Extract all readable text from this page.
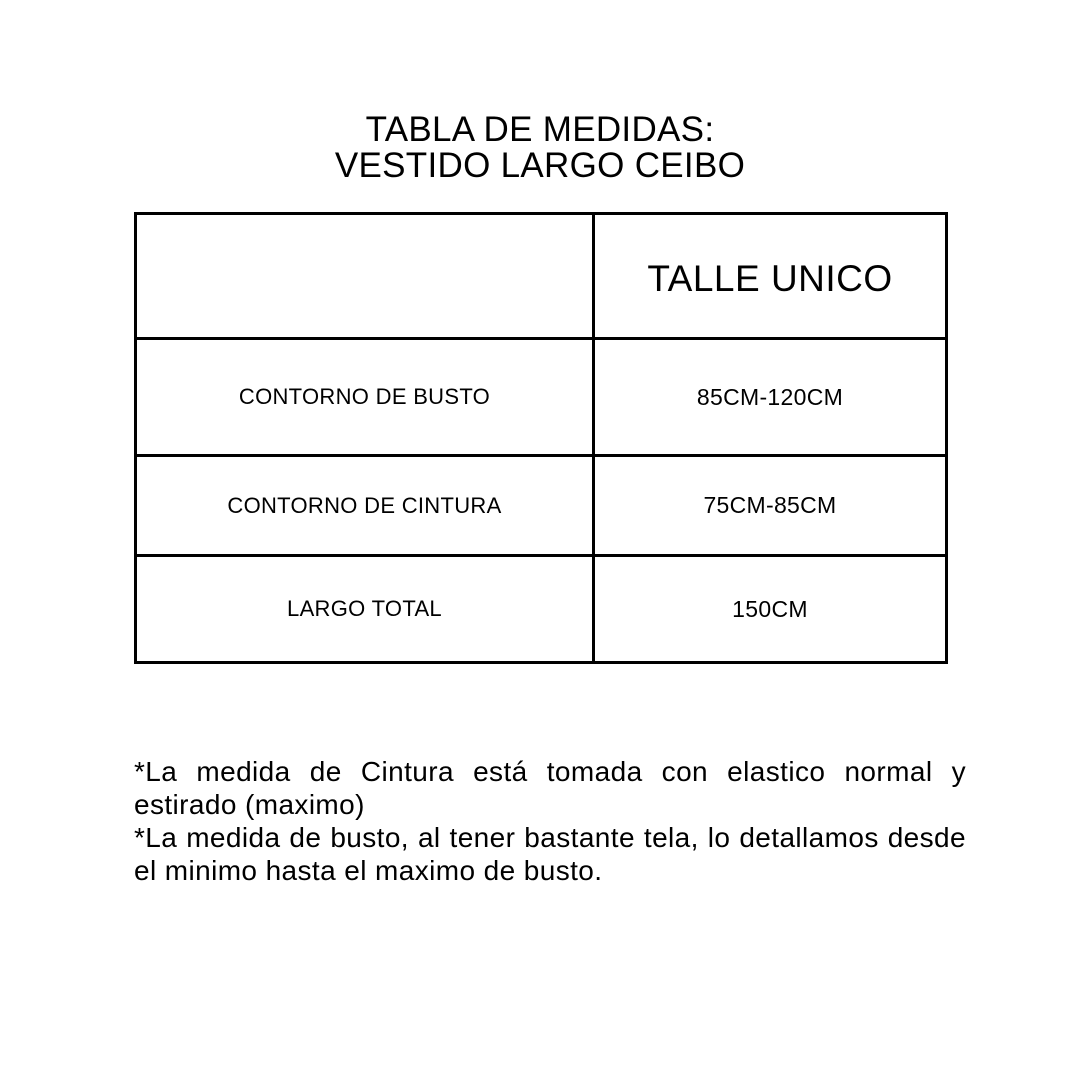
TABLA DE MEDIDAS:
VESTIDO LARGO CEIBO
	TALLE UNICO
CONTORNO DE BUSTO	85CM-120CM
CONTORNO DE CINTURA	75CM-85CM
LARGO TOTAL	150CM

*La medida de Cintura está tomada con elastico normal y estirado (maximo)

*La medida de busto, al tener bastante tela, lo detallamos desde el minimo hasta el maximo de busto.
